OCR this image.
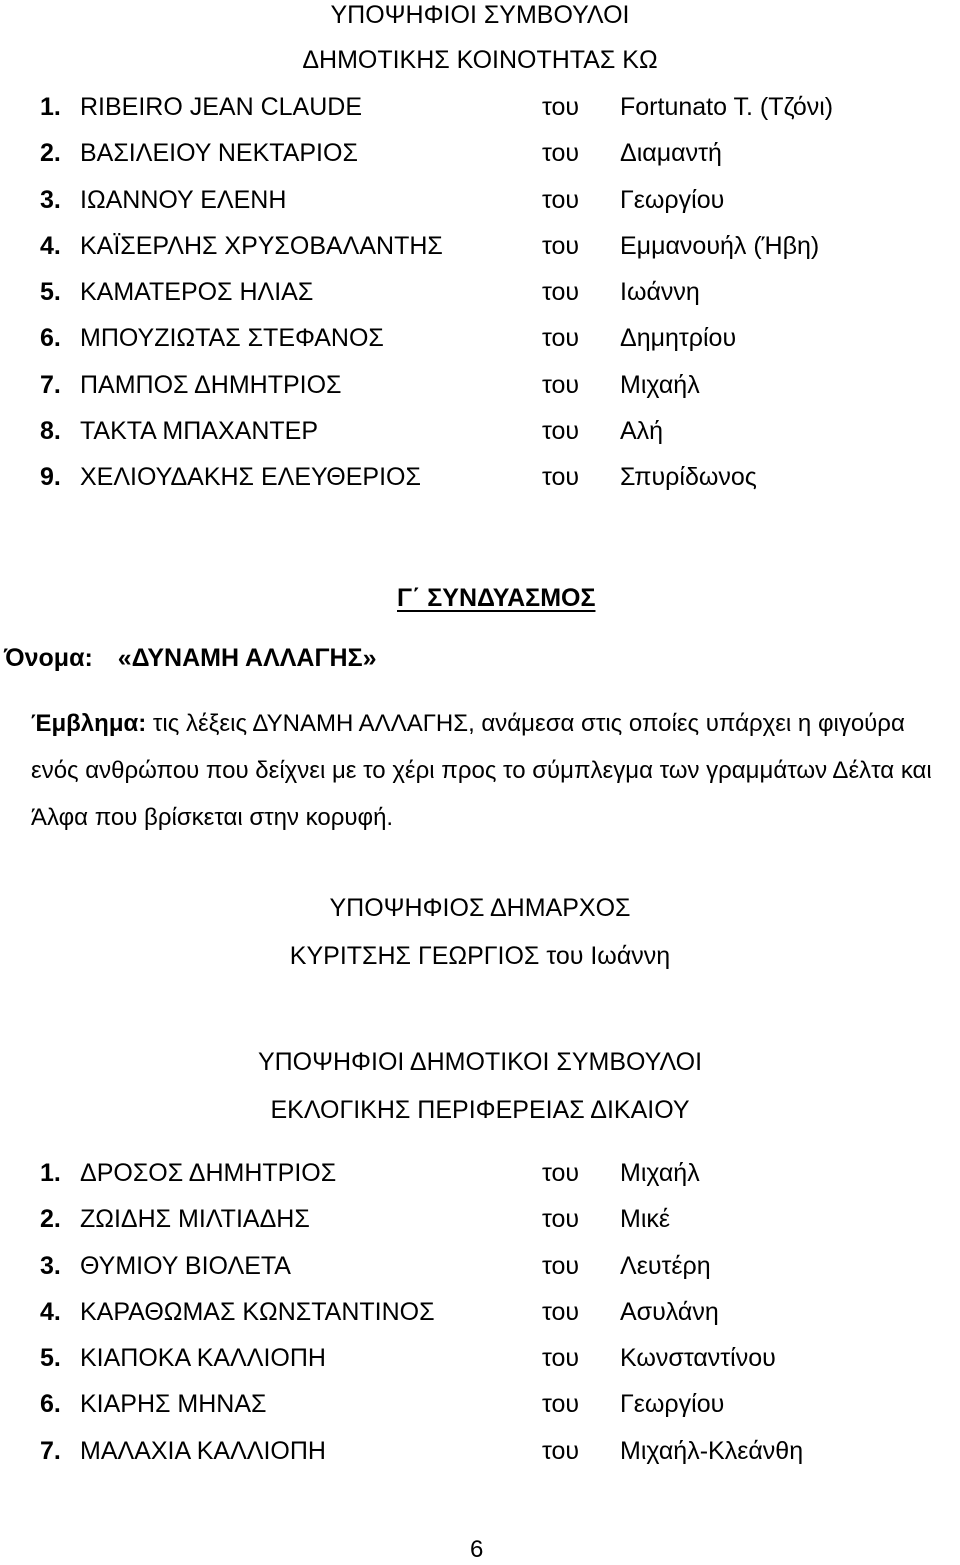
ΥΠΟΨΗΦΙΟΙ ΣΥΜΒΟΥΛΟΙ
ΔΗΜΟΤΙΚΗΣ ΚΟΙΝΟΤΗΤΑΣ ΚΩ
1. RIBEIRO JEAN CLAUDE	του Fortunato T. (Τζόνι)
2. ΒΑΣΙΛΕΙΟΥ ΝΕΚΤΑΡΙΟΣ	του Διαμαντή
3. ΙΩΑΝΝΟΥ ΕΛΕΝΗ	του Γεωργίου
4. ΚΑΪΣΕΡΛΗΣ ΧΡΥΣΟΒΑΛΑΝΤΗΣ	του Εμμανουήλ (Ήβη)
5. ΚΑΜΑΤΕΡΟΣ ΗΛΙΑΣ	του Ιωάννη
6. ΜΠΟΥΖΙΩΤΑΣ ΣΤΕΦΑΝΟΣ	του Δημητρίου
7. ΠΑΜΠΟΣ ΔΗΜΗΤΡΙΟΣ	του Μιχαήλ
8. ΤΑΚΤΑ ΜΠΑΧΑΝΤΕΡ	του Αλή
9. ΧΕΛΙΟΥΔΑΚΗΣ ΕΛΕΥΘΕΡΙΟΣ	του Σπυρίδωνος
Γ΄ ΣΥΝΔΥΑΣΜΟΣ
Όνομα: «ΔΥΝΑΜΗ ΑΛΛΑΓΗΣ»
Έμβλημα: τις λέξεις ΔΥΝΑΜΗ ΑΛΛΑΓΗΣ, ανάμεσα στις οποίες υπάρχει η φιγούρα ενός ανθρώπου που δείχνει με το χέρι προς το σύμπλεγμα των γραμμάτων Δέλτα και Άλφα που βρίσκεται στην κορυφή.
ΥΠΟΨΗΦΙΟΣ ΔΗΜΑΡΧΟΣ
ΚΥΡΙΤΣΗΣ ΓΕΩΡΓΙΟΣ του Ιωάννη
ΥΠΟΨΗΦΙΟΙ ΔΗΜΟΤΙΚΟΙ ΣΥΜΒΟΥΛΟΙ
ΕΚΛΟΓΙΚΗΣ ΠΕΡΙΦΕΡΕΙΑΣ ΔΙΚΑΙΟΥ
1. ΔΡΟΣΟΣ ΔΗΜΗΤΡΙΟΣ	του Μιχαήλ
2. ΖΩΙΔΗΣ ΜΙΛΤΙΑΔΗΣ	του Μικέ
3. ΘΥΜΙΟΥ ΒΙΟΛΕΤΑ	του Λευτέρη
4. ΚΑΡΑΘΩΜΑΣ ΚΩΝΣΤΑΝΤΙΝΟΣ	του Ασυλάνη
5. ΚΙΑΠΟΚΑ ΚΑΛΛΙΟΠΗ	του Κωνσταντίνου
6. ΚΙΑΡΗΣ ΜΗΝΑΣ	του Γεωργίου
7. ΜΑΛΑΧΙΑ ΚΑΛΛΙΟΠΗ	του Μιχαήλ-Κλεάνθη
6
